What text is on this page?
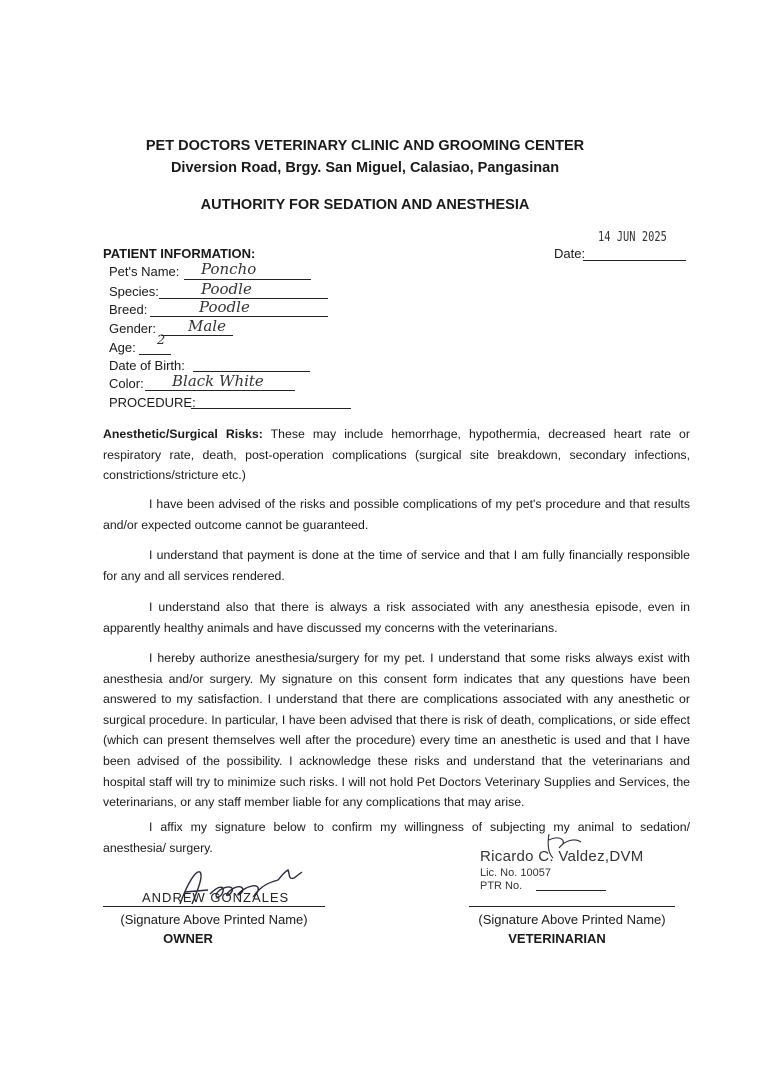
PET DOCTORS VETERINARY CLINIC AND GROOMING CENTER
Diversion Road, Brgy. San Miguel, Calasiao, Pangasinan
AUTHORITY FOR SEDATION AND ANESTHESIA
PATIENT INFORMATION:	Date:
14 JUN 2025
Pet's Name: Poncho
Species:	Poodle
Breed:	Poodle
Gender: Male
Age: 2
Date of Birth:
Color: Black White
PROCEDURE:
Anesthetic/Surgical Risks: These may include hemorrhage, hypothermia, decreased heart rate or respiratory rate, death, post-operation complications (surgical site breakdown, secondary infections, constrictions/stricture etc.)
I have been advised of the risks and possible complications of my pet's procedure and that results and/or expected outcome cannot be guaranteed.
I understand that payment is done at the time of service and that I am fully financially responsible for any and all services rendered.
I understand also that there is always a risk associated with any anesthesia episode, even in apparently healthy animals and have discussed my concerns with the veterinarians.
I hereby authorize anesthesia/surgery for my pet. I understand that some risks always exist with anesthesia and/or surgery. My signature on this consent form indicates that any questions have been answered to my satisfaction. I understand that there are complications associated with any anesthetic or surgical procedure. In particular, I have been advised that there is risk of death, complications, or side effect (which can present themselves well after the procedure) every time an anesthetic is used and that I have been advised of the possibility. I acknowledge these risks and understand that the veterinarians and hospital staff will try to minimize such risks. I will not hold Pet Doctors Veterinary Supplies and Services, the veterinarians, or any staff member liable for any complications that may arise.
I affix my signature below to confirm my willingness of subjecting my animal to sedation/ anesthesia/ surgery.
ANDREW GONZALES
(Signature Above Printed Name)
OWNER
Ricardo C. Valdez,DVM
Lic. No. 10057
PTR No.
(Signature Above Printed Name)
VETERINARIAN
